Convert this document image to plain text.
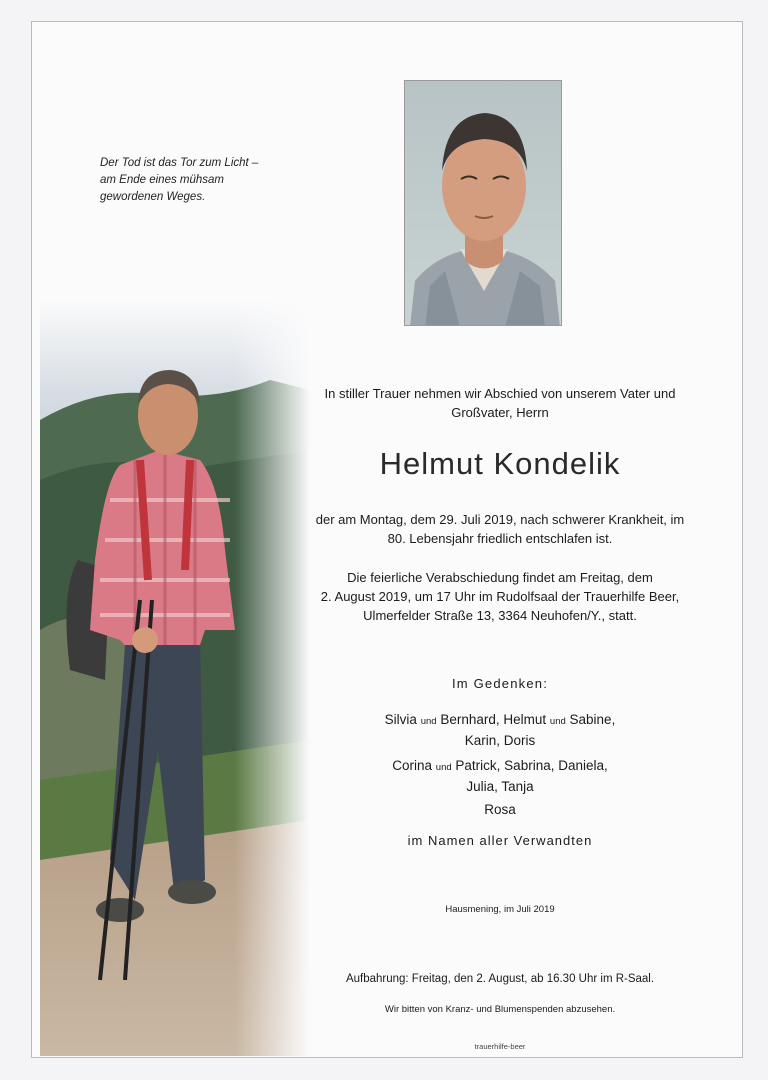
Der Tod ist das Tor zum Licht –
am Ende eines mühsam
gewordenen Weges.
In stiller Trauer nehmen wir Abschied von unserem Vater und
Großvater, Herrn
Helmut Kondelik
der am Montag, dem 29. Juli 2019, nach schwerer Krankheit, im
80. Lebensjahr friedlich entschlafen ist.
Die feierliche Verabschiedung findet am Freitag, dem
2. August 2019, um 17 Uhr im Rudolfsaal der Trauerhilfe Beer,
Ulmerfelder Straße 13, 3364 Neuhofen/Y., statt.
Im Gedenken:
Silvia und Bernhard, Helmut und Sabine,
Karin, Doris
Corina und Patrick, Sabrina, Daniela,
Julia, Tanja
Rosa
im Namen aller Verwandten
Hausmening, im Juli 2019
Aufbahrung: Freitag, den 2. August, ab 16.30 Uhr im R-Saal.
Wir bitten von Kranz- und Blumenspenden abzusehen.
trauerhilfe-beer
